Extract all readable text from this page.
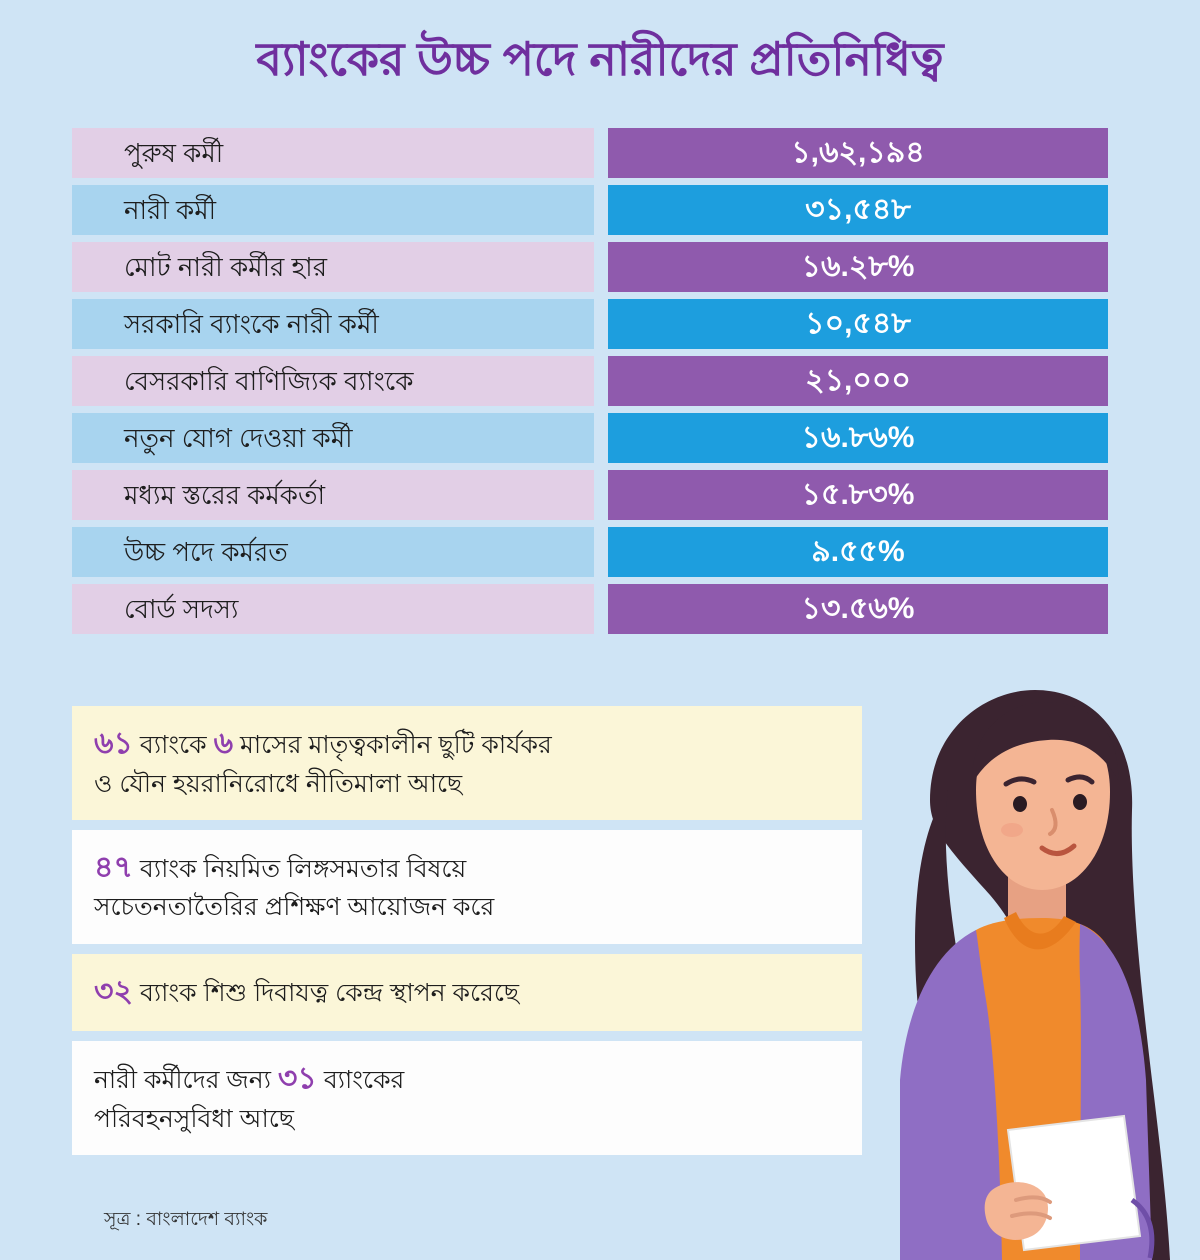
ব্যাংকের উচ্চ পদে নারীদের প্রতিনিধিত্ব
পুরুষ কর্মী	১,৬২,১৯৪
নারী কর্মী	৩১,৫৪৮
মোট নারী কর্মীর হার	১৬.২৮%
সরকারি ব্যাংকে নারী কর্মী	১০,৫৪৮
বেসরকারি বাণিজ্যিক ব্যাংকে	২১,০০০
নতুন যোগ দেওয়া কর্মী	১৬.৮৬%
মধ্যম স্তরের কর্মকর্তা	১৫.৮৩%
উচ্চ পদে কর্মরত	৯.৫৫%
বোর্ড সদস্য	১৩.৫৬%
৬১ ব্যাংকে ৬ মাসের মাতৃত্বকালীন ছুটি কার্যকর
ও যৌন হয়রানিরোধে নীতিমালা আছে
৪৭ ব্যাংক নিয়মিত লিঙ্গসমতার বিষয়ে
সচেতনতাতৈরির প্রশিক্ষণ আয়োজন করে
৩২ ব্যাংক শিশু দিবাযত্ন কেন্দ্র স্থাপন করেছে
নারী কর্মীদের জন্য ৩১ ব্যাংকের
পরিবহনসুবিধা আছে
সূত্র : বাংলাদেশ ব্যাংক
